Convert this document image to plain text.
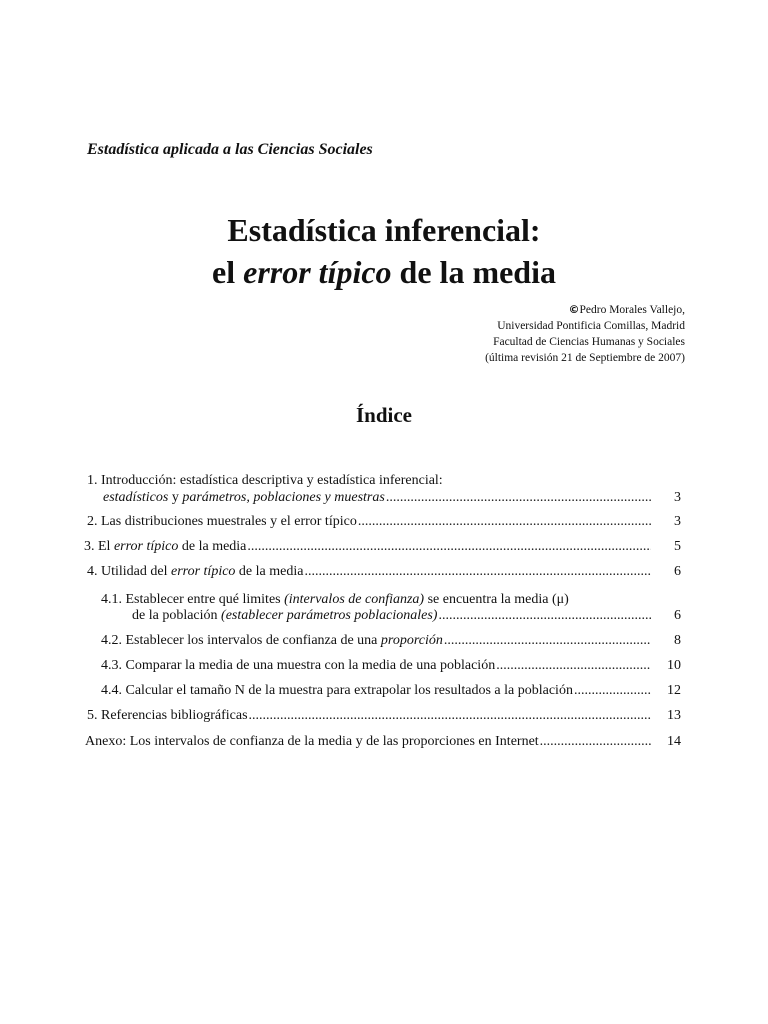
Estadística aplicada a las Ciencias Sociales
Estadística inferencial:
el error típico de la media
©Pedro Morales Vallejo,
Universidad Pontificia Comillas, Madrid
Facultad de Ciencias Humanas y Sociales
(última revisión 21 de Septiembre de 2007)
Índice
1. Introducción: estadística descriptiva y estadística inferencial:
estadísticos y parámetros, poblaciones y muestras .....	3
2. Las distribuciones muestrales y el error típico .....	3
3. El error típico de la media .....	5
4. Utilidad del error típico de la media .....	6
4.1. Establecer entre qué limites (intervalos de confianza) se encuentra la media (μ)
de la población (establecer parámetros poblacionales) .....	6
4.2. Establecer los intervalos de confianza de una proporción .....	8
4.3. Comparar la media de una muestra con la media de una población .....	10
4.4. Calcular el tamaño N de la muestra para extrapolar los resultados a la población .....	12
5. Referencias bibliográficas .....	13
Anexo: Los intervalos de confianza de la media y de las proporciones en Internet .....	14
